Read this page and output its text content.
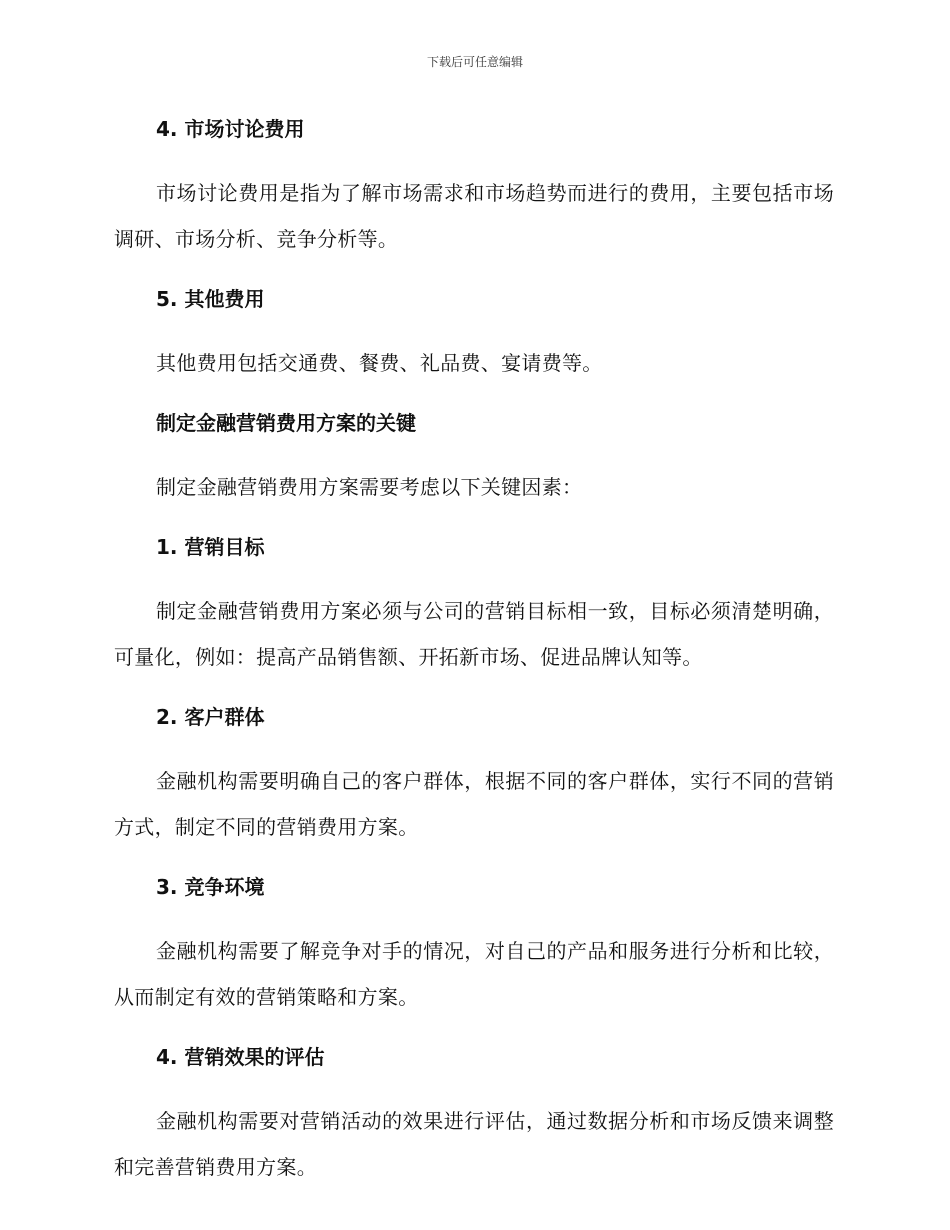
下载后可任意编辑
4. 市场讨论费用
市场讨论费用是指为了解市场需求和市场趋势而进行的费用，主要包括市场调研、市场分析、竞争分析等。
5. 其他费用
其他费用包括交通费、餐费、礼品费、宴请费等。
制定金融营销费用方案的关键
制定金融营销费用方案需要考虑以下关键因素：
1. 营销目标
制定金融营销费用方案必须与公司的营销目标相一致，目标必须清楚明确，可量化，例如：提高产品销售额、开拓新市场、促进品牌认知等。
2. 客户群体
金融机构需要明确自己的客户群体，根据不同的客户群体，实行不同的营销方式，制定不同的营销费用方案。
3. 竞争环境
金融机构需要了解竞争对手的情况，对自己的产品和服务进行分析和比较，从而制定有效的营销策略和方案。
4. 营销效果的评估
金融机构需要对营销活动的效果进行评估，通过数据分析和市场反馈来调整和完善营销费用方案。
